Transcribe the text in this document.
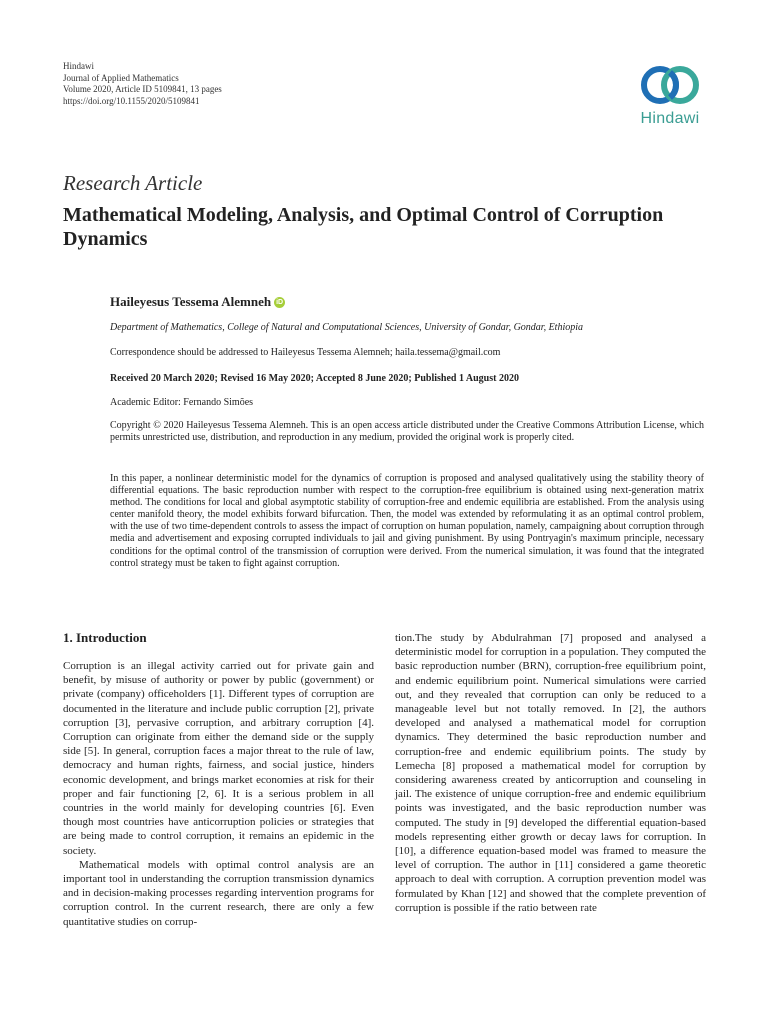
Hindawi
Journal of Applied Mathematics
Volume 2020, Article ID 5109841, 13 pages
https://doi.org/10.1155/2020/5109841
Hindawi
Research Article
Mathematical Modeling, Analysis, and Optimal Control of Corruption Dynamics
Haileyesus Tessema Alemneh iD
Department of Mathematics, College of Natural and Computational Sciences, University of Gondar, Gondar, Ethiopia
Correspondence should be addressed to Haileyesus Tessema Alemneh; haila.tessema@gmail.com
Received 20 March 2020; Revised 16 May 2020; Accepted 8 June 2020; Published 1 August 2020
Academic Editor: Fernando Simões
Copyright © 2020 Haileyesus Tessema Alemneh. This is an open access article distributed under the Creative Commons Attribution License, which permits unrestricted use, distribution, and reproduction in any medium, provided the original work is properly cited.
In this paper, a nonlinear deterministic model for the dynamics of corruption is proposed and analysed qualitatively using the stability theory of differential equations. The basic reproduction number with respect to the corruption-free equilibrium is obtained using next-generation matrix method. The conditions for local and global asymptotic stability of corruption-free and endemic equilibria are established. From the analysis using center manifold theory, the model exhibits forward bifurcation. Then, the model was extended by reformulating it as an optimal control problem, with the use of two time-dependent controls to assess the impact of corruption on human population, namely, campaigning about corruption through media and advertisement and exposing corrupted individuals to jail and giving punishment. By using Pontryagin's maximum principle, necessary conditions for the optimal control of the transmission of corruption were derived. From the numerical simulation, it was found that the integrated control strategy must be taken to fight against corruption.
1. Introduction

Corruption is an illegal activity carried out for private gain and benefit, by misuse of authority or power by public (government) or private (company) officeholders [1]. Different types of corruption are documented in the literature and include public corruption [2], private corruption [3], pervasive corruption, and arbitrary corruption [4]. Corruption can originate from either the demand side or the supply side [5]. In general, corruption faces a major threat to the rule of law, democracy and human rights, fairness, and social justice, hinders economic development, and brings market economies at risk for their proper and fair functioning [2, 6]. It is a serious problem in all countries in the world mainly for developing countries [6]. Even though most countries have anticorruption policies or strategies that are being made to control corruption, it remains an epidemic in the society.

Mathematical models with optimal control analysis are an important tool in understanding the corruption transmission dynamics and in decision-making processes regarding intervention programs for corruption control. In the current research, there are only a few quantitative studies on corrup-

tion.The study by Abdulrahman [7] proposed and analysed a deterministic model for corruption in a population. They computed the basic reproduction number (BRN), corruption-free equilibrium point, and endemic equilibrium point. Numerical simulations were carried out, and they revealed that corruption can only be reduced to a manageable level but not totally removed. In [2], the authors developed and analysed a mathematical model for corruption dynamics. They determined the basic reproduction number and corruption-free and endemic equilibrium points. The study by Lemecha [8] proposed a mathematical model for corruption by considering awareness created by anticorruption and counseling in jail. The existence of unique corruption-free and endemic equilibrium points was investigated, and the basic reproduction number was computed. The study in [9] developed the differential equation-based models representing either growth or decay laws for corruption. In [10], a difference equation-based model was framed to measure the level of corruption. The author in [11] considered a game theoretic approach to deal with corruption. A corruption prevention model was formulated by Khan [12] and showed that the complete prevention of corruption is possible if the ratio between rate
